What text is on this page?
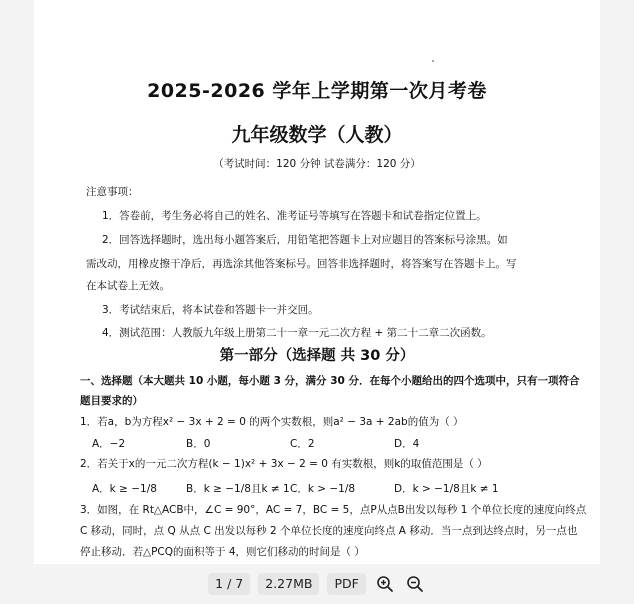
2025-2026 学年上学期第一次月考卷
九年级数学（人教）
（考试时间：120 分钟 试卷满分：120 分）
注意事项：
1．答卷前，考生务必将自己的姓名、准考证号等填写在答题卡和试卷指定位置上。
2．回答选择题时，选出每小题答案后，用铅笔把答题卡上对应题目的答案标号涂黑。如
需改动，用橡皮擦干净后，再选涂其他答案标号。回答非选择题时，将答案写在答题卡上。写
在本试卷上无效。
3．考试结束后，将本试卷和答题卡一并交回。
4．测试范围：人教版九年级上册第二十一章一元二次方程 + 第二十二章二次函数。
第一部分（选择题 共 30 分）
一、选择题（本大题共 10 小题，每小题 3 分，满分 30 分．在每个小题给出的四个选项中，只有一项符合
题目要求的）
1．若a，b为方程x² − 3x + 2 = 0 的两个实数根，则a² − 3a + 2ab的值为（ ）
A．−2	B．0	C．2	D．4
2．若关于x的一元二次方程(k − 1)x² + 3x − 2 = 0 有实数根，则k的取值范围是（ ）
A．k ≥ −1/8	B．k ≥ −1/8且k ≠ 1 C．k > −1/8	D．k > −1/8且k ≠ 1
3．如图，在 Rt△ACB中，∠C = 90°，AC = 7，BC = 5，点P从点B出发以每秒 1 个单位长度的速度向终点
C 移动，同时，点 Q 从点 C 出发以每秒 2 个单位长度的速度向终点 A 移动．当一点到达终点时，另一点也
停止移动．若△PCQ的面积等于 4，则它们移动的时间是（ ）
1 / 7	2.27MB	PDF
